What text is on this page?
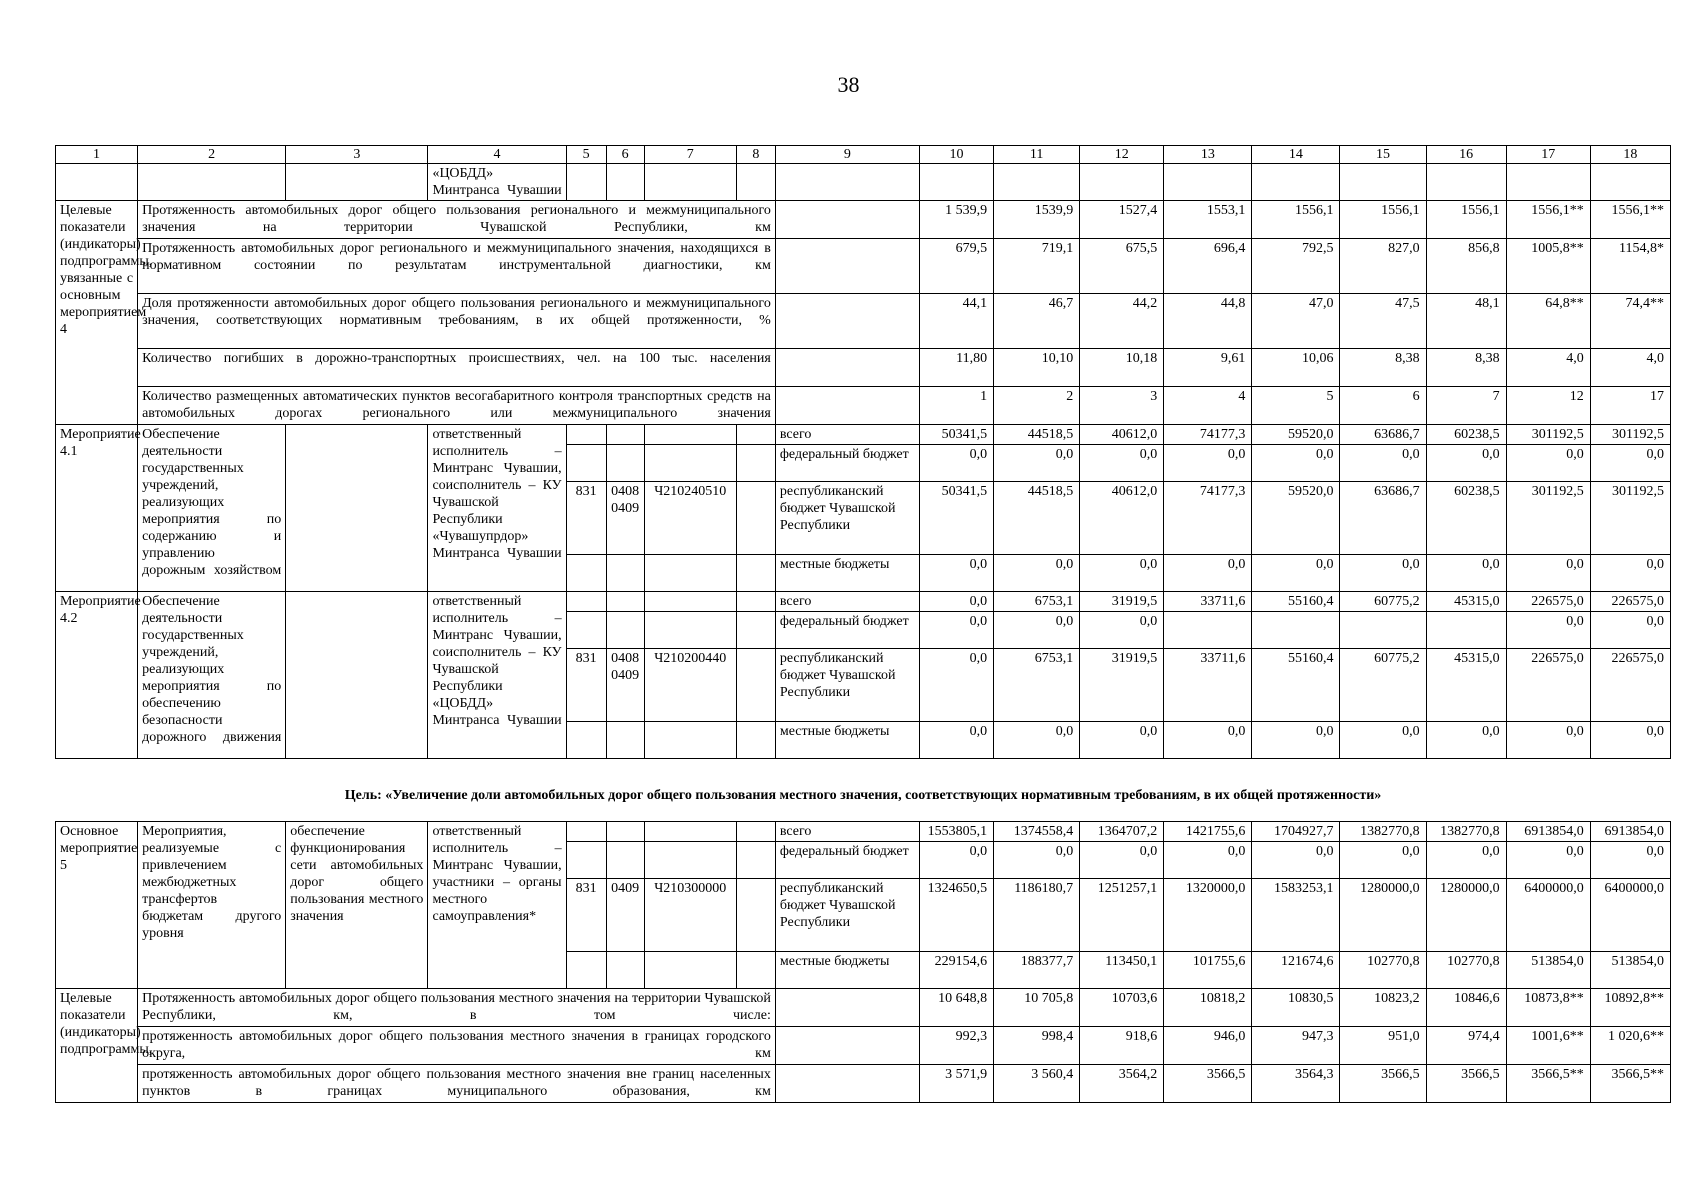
38
1	2	3	4	5	6	7	8	9	10	11	12	13	14	15	16	17	18
			«ЦОБДД» Минтранса Чувашии														
Целевые показатели (индикаторы) подпрограммы, увязанные с основным мероприятием 4	Протяженность автомобильных дорог общего пользования регионального и межмуниципального значения на территории Чувашской Республики, км								1 539,9	1539,9	1527,4	1553,1	1556,1	1556,1	1556,1	1556,1**	1556,1**
	Протяженность автомобильных дорог регионального и межмуниципального значения, находящихся в нормативном состоянии по результатам инструментальной диагностики, км								679,5	719,1	675,5	696,4	792,5	827,0	856,8	1005,8**	1154,8*
	Доля протяженности автомобильных дорог общего пользования регионального и межмуниципального значения, соответствующих нормативным требованиям, в их общей протяженности, %								44,1	46,7	44,2	44,8	47,0	47,5	48,1	64,8**	74,4**
	Количество погибших в дорожно-транспортных происшествиях, чел. на 100 тыс. населения								11,80	10,10	10,18	9,61	10,06	8,38	8,38	4,0	4,0
	Количество размещенных автоматических пунктов весогабаритного контроля транспортных средств на автомобильных дорогах регионального или межмуниципального значения								1	2	3	4	5	6	7	12	17
Мероприятие 4.1	Обеспечение деятельности государственных учреждений, реализующих мероприятия по содержанию и управлению дорожным хозяйством		ответственный исполнитель – Минтранс Чувашии, соисполнитель – КУ Чувашской Республики «Чувашупрдор» Минтранса Чувашии					всего	50341,5	44518,5	40612,0	74177,3	59520,0	63686,7	60238,5	301192,5	301192,5
								федеральный бюджет	0,0	0,0	0,0	0,0	0,0	0,0	0,0	0,0	0,0
				831	0408 0409	Ч210240510		республиканский бюджет Чувашской Республики	50341,5	44518,5	40612,0	74177,3	59520,0	63686,7	60238,5	301192,5	301192,5
								местные бюджеты	0,0	0,0	0,0	0,0	0,0	0,0	0,0	0,0	0,0
Мероприятие 4.2	Обеспечение деятельности государственных учреждений, реализующих мероприятия по обеспечению безопасности дорожного движения		ответственный исполнитель – Минтранс Чувашии, соисполнитель – КУ Чувашской Республики «ЦОБДД» Минтранса Чувашии					всего	0,0	6753,1	31919,5	33711,6	55160,4	60775,2	45315,0	226575,0	226575,0
								федеральный бюджет	0,0	0,0	0,0					0,0	0,0
				831	0408 0409	Ч210200440		республиканский бюджет Чувашской Республики	0,0	6753,1	31919,5	33711,6	55160,4	60775,2	45315,0	226575,0	226575,0
								местные бюджеты	0,0	0,0	0,0	0,0	0,0	0,0	0,0	0,0	0,0
Цель: «Увеличение доли автомобильных дорог общего пользования местного значения, соответствующих нормативным требованиям, в их общей протяженности»
Основное мероприятие 5	Мероприятия, реализуемые с привлечением межбюджетных трансфертов бюджетам другого уровня	обеспечение функционирования сети автомобильных дорог общего пользования местного значения	ответственный исполнитель – Минтранс Чувашии, участники – органы местного самоуправления*					всего	1553805,1	1374558,4	1364707,2	1421755,6	1704927,7	1382770,8	1382770,8	6913854,0	6913854,0
								федеральный бюджет	0,0	0,0	0,0	0,0	0,0	0,0	0,0	0,0	0,0
				831	0409	Ч210300000		республиканский бюджет Чувашской Республики	1324650,5	1186180,7	1251257,1	1320000,0	1583253,1	1280000,0	1280000,0	6400000,0	6400000,0
								местные бюджеты	229154,6	188377,7	113450,1	101755,6	121674,6	102770,8	102770,8	513854,0	513854,0
Целевые показатели (индикаторы) подпрограммы,	Протяженность автомобильных дорог общего пользования местного значения на территории Чувашской Республики, км, в том числе:								10 648,8	10 705,8	10703,6	10818,2	10830,5	10823,2	10846,6	10873,8**	10892,8**
	протяженность автомобильных дорог общего пользования местного значения в границах городского округа, км								992,3	998,4	918,6	946,0	947,3	951,0	974,4	1001,6**	1 020,6**
	протяженность автомобильных дорог общего пользования местного значения вне границ населенных пунктов в границах муниципального образования, км								3 571,9	3 560,4	3564,2	3566,5	3564,3	3566,5	3566,5	3566,5**	3566,5**
